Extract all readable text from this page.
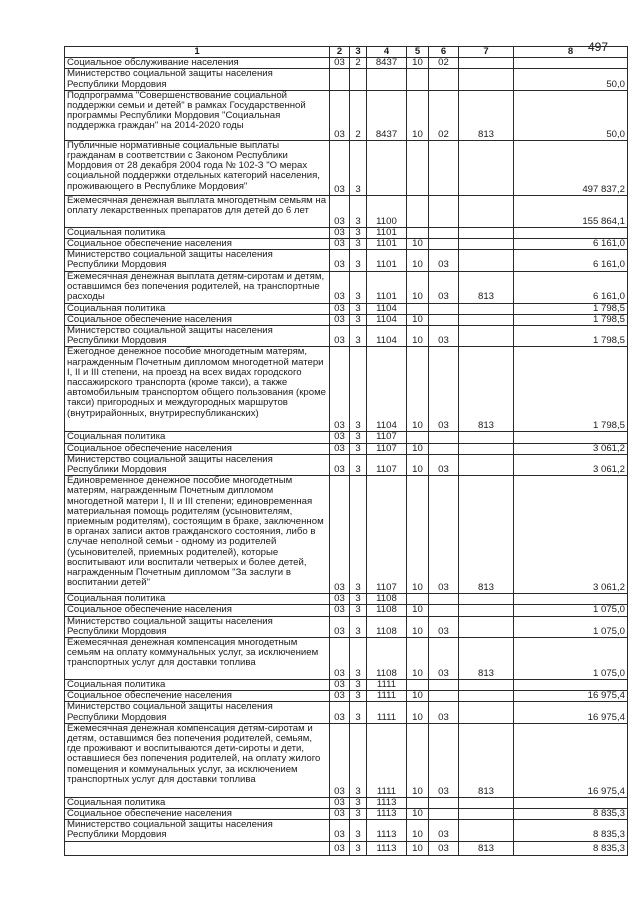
497
1	2	3	4	5	6	7	8
Социальное обслуживание населения	03	2	8437	10	02		
Министерство социальной защиты населения Республики Мордовия							50,0
Подпрограмма "Совершенствование социальной поддержки семьи и детей" в рамках Государственной программы Республики Мордовия "Социальная поддержка граждан" на 2014-2020 годы	03	2	8437	10	02	813	50,0
Публичные нормативные социальные выплаты гражданам в соответствии с Законом Республики Мордовия от 28 декабря 2004 года № 102-З "О мерах социальной поддержки отдельных категорий населения, проживающего в Республике Мордовия"	03	3					497 837,2
Ежемесячная денежная выплата многодетным семьям на оплату лекарственных препаратов для детей до 6 лет	03	3	1100				155 864,1
Социальная политика	03	3	1101				
Социальное обеспечение населения	03	3	1101	10			6 161,0
Министерство социальной защиты населения Республики Мордовия	03	3	1101	10	03		6 161,0
Ежемесячная денежная выплата детям-сиротам и детям, оставшимся без попечения родителей, на транспортные расходы	03	3	1101	10	03	813	6 161,0
Социальная политика	03	3	1104				1 798,5
Социальное обеспечение населения	03	3	1104	10			1 798,5
Министерство социальной защиты населения Республики Мордовия	03	3	1104	10	03		1 798,5
Ежегодное денежное пособие многодетным матерям, награжденным Почетным дипломом многодетной матери I, II и III степени, на проезд на всех видах городского пассажирского транспорта (кроме такси), а также автомобильным транспортом общего пользования (кроме такси) пригородных и междугородных маршрутов (внутрирайонных, внутриреспубликанских)	03	3	1104	10	03	813	1 798,5
Социальная политика	03	3	1107				
Социальное обеспечение населения	03	3	1107	10			3 061,2
Министерство социальной защиты населения Республики Мордовия	03	3	1107	10	03		3 061,2
Единовременное денежное пособие многодетным матерям, награжденным Почетным дипломом многодетной матери I, II и III степени; единовременная материальная помощь родителям (усыновителям, приемным родителям), состоящим в браке, заключенном в органах записи актов гражданского состояния, либо в случае неполной семьи - одному из родителей (усыновителей, приемных родителей), которые воспитывают или воспитали четверых и более детей, награжденным Почетным дипломом "За заслуги в воспитании детей"	03	3	1107	10	03	813	3 061,2
Социальная политика	03	3	1108				
Социальное обеспечение населения	03	3	1108	10			1 075,0
Министерство социальной защиты населения Республики Мордовия	03	3	1108	10	03		1 075,0
Ежемесячная денежная компенсация многодетным семьям на оплату коммунальных услуг, за исключением транспортных услуг для доставки топлива	03	3	1108	10	03	813	1 075,0
Социальная политика	03	3	1111				
Социальное обеспечение населения	03	3	1111	10			16 975,4
Министерство социальной защиты населения Республики Мордовия	03	3	1111	10	03		16 975,4
Ежемесячная денежная компенсация детям-сиротам и детям, оставшимся без попечения родителей, семьям, где проживают и воспитываются дети-сироты и дети, оставшиеся без попечения родителей, на оплату жилого помещения и коммунальных услуг, за исключением транспортных услуг для доставки топлива	03	3	1111	10	03	813	16 975,4
Социальная политика	03	3	1113				
Социальное обеспечение населения	03	3	1113	10			8 835,3
Министерство социальной защиты населения Республики Мордовия	03	3	1113	10	03		8 835,3
	03	3	1113	10	03	813	8 835,3
